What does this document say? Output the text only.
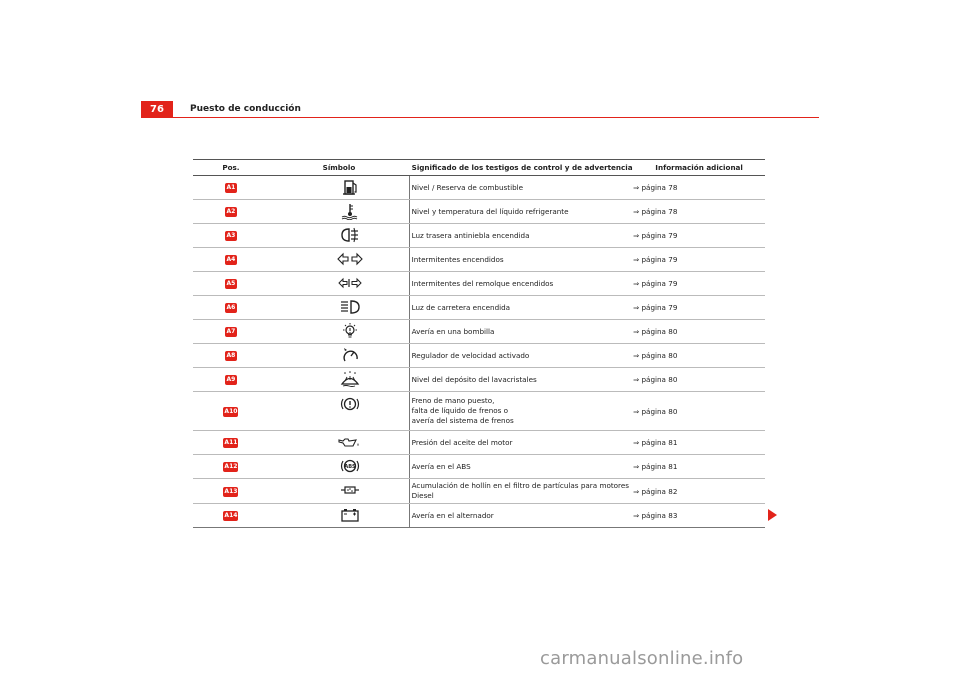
76	Puesto de conducción
Pos.	Símbolo	Significado de los testigos de control y de advertencia	Información adicional
A1		Nivel / Reserva de combustible	⇒ página 78
A2		Nivel y temperatura del líquido refrigerante	⇒ página 78
A3		Luz trasera antiniebla encendida	⇒ página 79
A4		Intermitentes encendidos	⇒ página 79
A5		Intermitentes del remolque encendidos	⇒ página 79
A6		Luz de carretera encendida	⇒ página 79
A7		Avería en una bombilla	⇒ página 80
A8		Regulador de velocidad activado	⇒ página 80
A9		Nivel del depósito del lavacristales	⇒ página 80
A10		Freno de mano puesto,
falta de líquido de frenos o
avería del sistema de frenos	⇒ página 80
A11		Presión del aceite del motor	⇒ página 81
A12	ABS	Avería en el ABS	⇒ página 81
A13		Acumulación de hollín en el filtro de partículas para motores
Diesel	⇒ página 82
A14		Avería en el alternador	⇒ página 83
carmanualsonline.info
